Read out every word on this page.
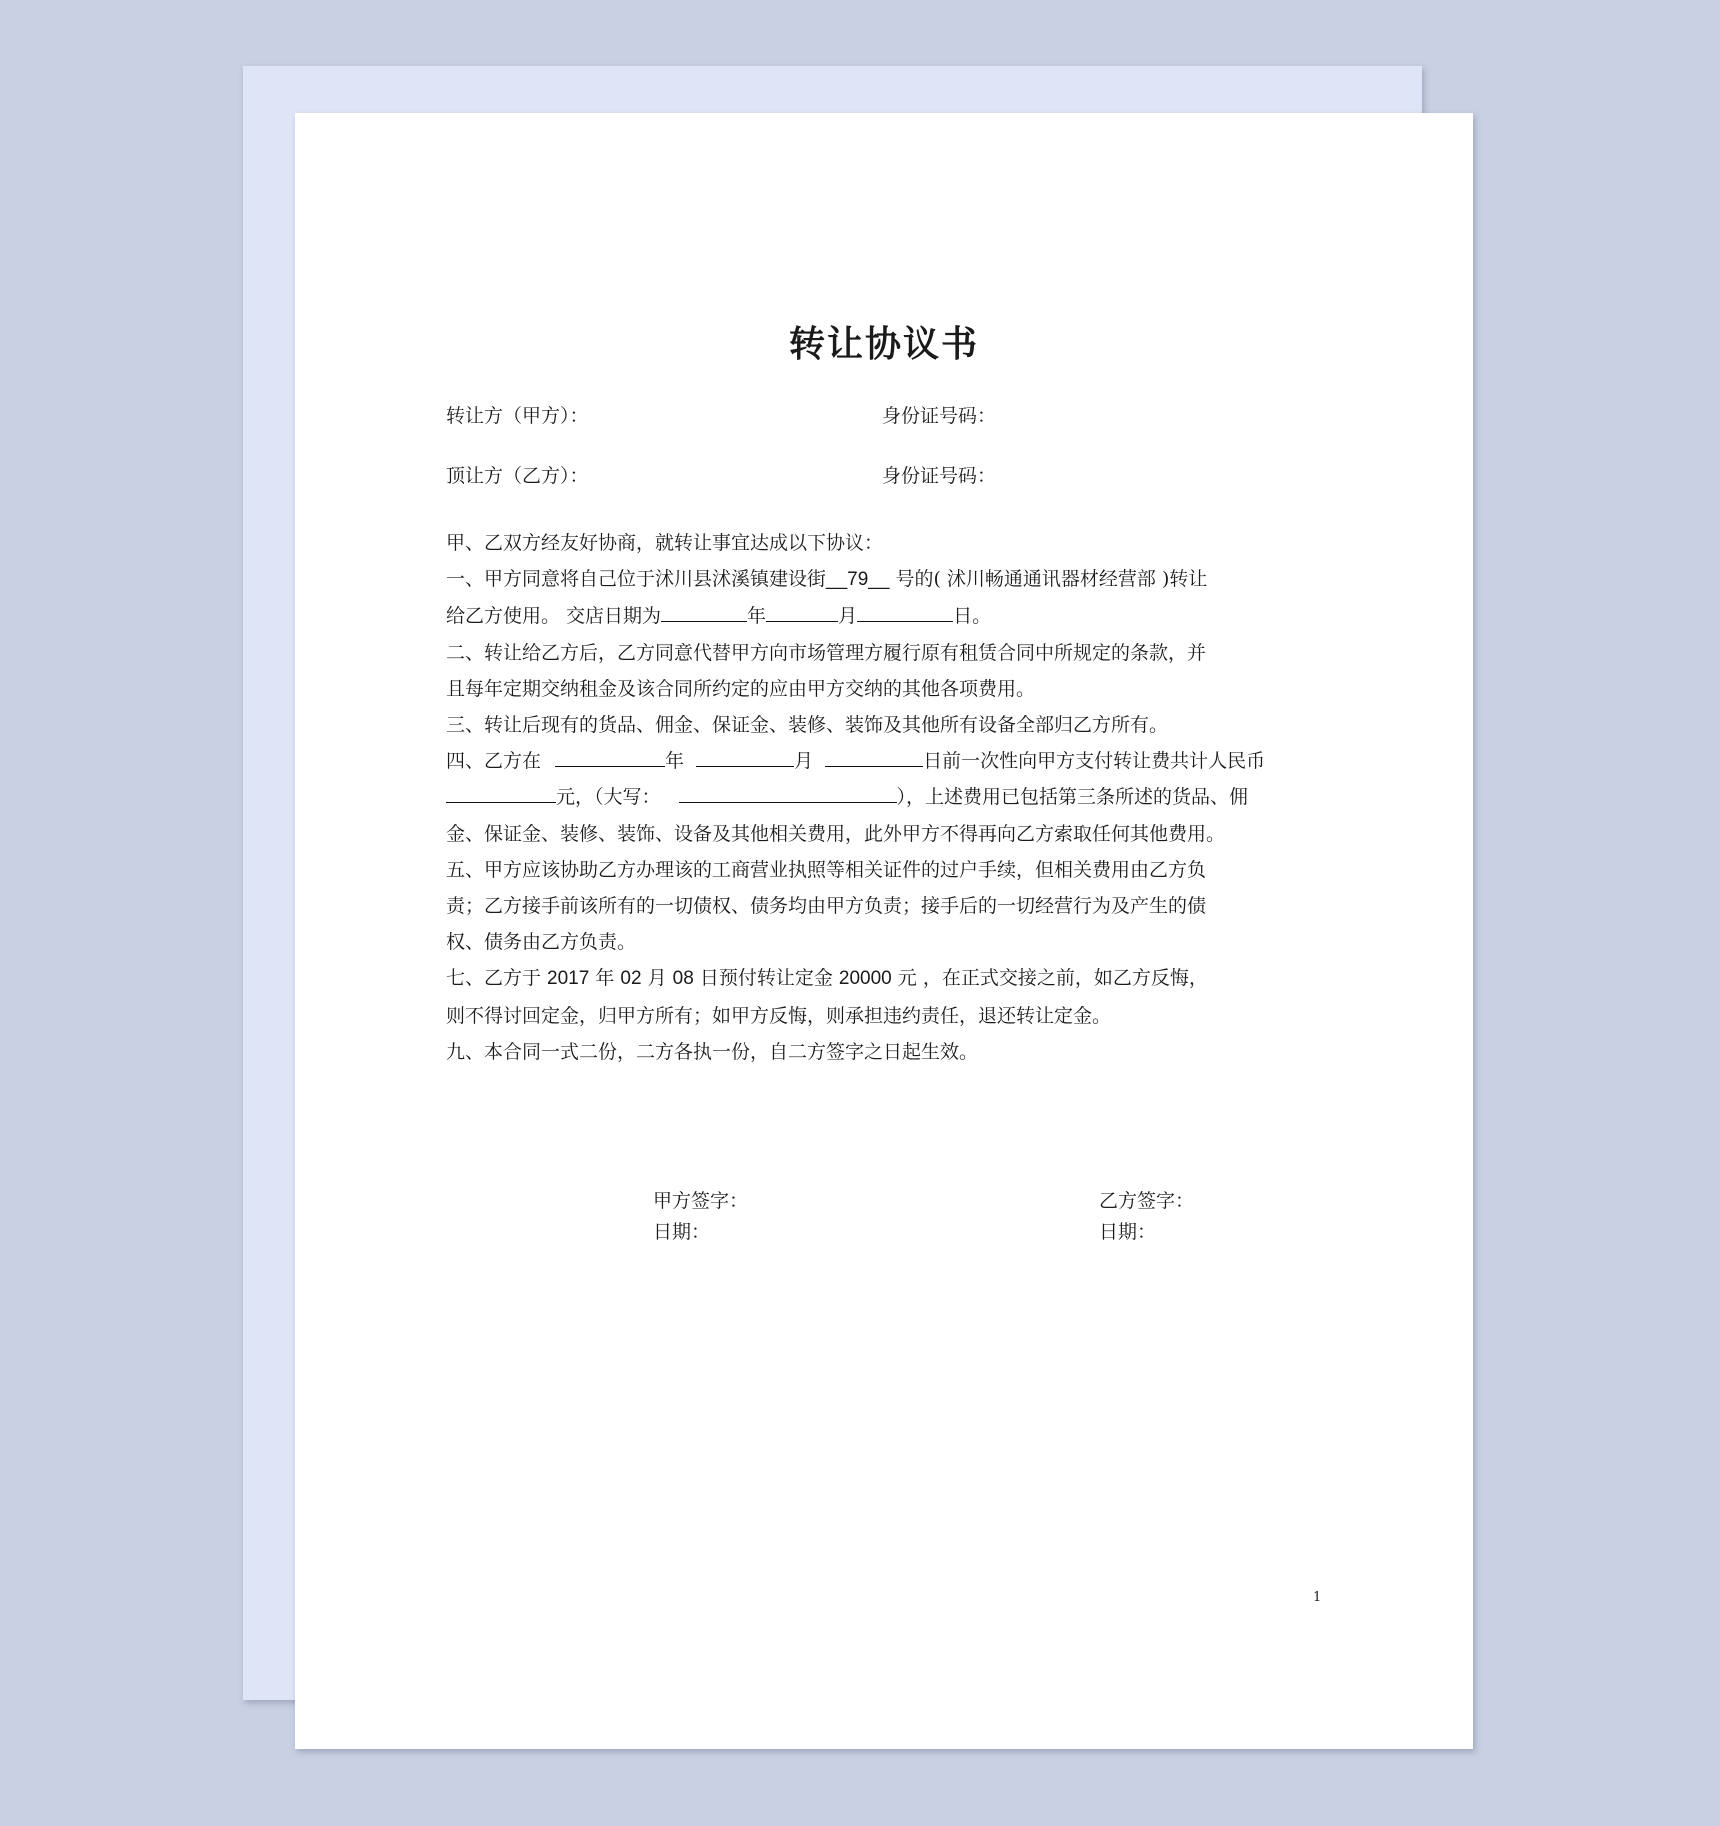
转让协议书
转让方（甲方）：	身份证号码：
顶让方（乙方）：	身份证号码：

甲、乙双方经友好协商，就转让事宜达成以下协议：

一、甲方同意将自己位于沭川县沭溪镇建设街__79__ 号的( 沭川畅通通讯器材经营部 )转让

给乙方使用。 交店日期为	年	月	日。

二、转让给乙方后，乙方同意代替甲方向市场管理方履行原有租赁合同中所规定的条款，并

且每年定期交纳租金及该合同所约定的应由甲方交纳的其他各项费用。

三、转让后现有的货品、佣金、保证金、装修、装饰及其他所有设备全部归乙方所有。

四、乙方在	年	月	日前一次性向甲方支付转让费共计人民币

元，（大写：	），上述费用已包括第三条所述的货品、佣

金、保证金、装修、装饰、设备及其他相关费用，此外甲方不得再向乙方索取任何其他费用。

五、甲方应该协助乙方办理该的工商营业执照等相关证件的过户手续，但相关费用由乙方负

责；乙方接手前该所有的一切债权、债务均由甲方负责；接手后的一切经营行为及产生的债

权、债务由乙方负责。

七、乙方于 2017 年 02 月 08 日预付转让定金 20000 元 ，在正式交接之前，如乙方反悔，

则不得讨回定金，归甲方所有；如甲方反悔，则承担违约责任，退还转让定金。

九、本合同一式二份，二方各执一份，自二方签字之日起生效。

甲方签字：
日期：
乙方签字：
日期：
1
